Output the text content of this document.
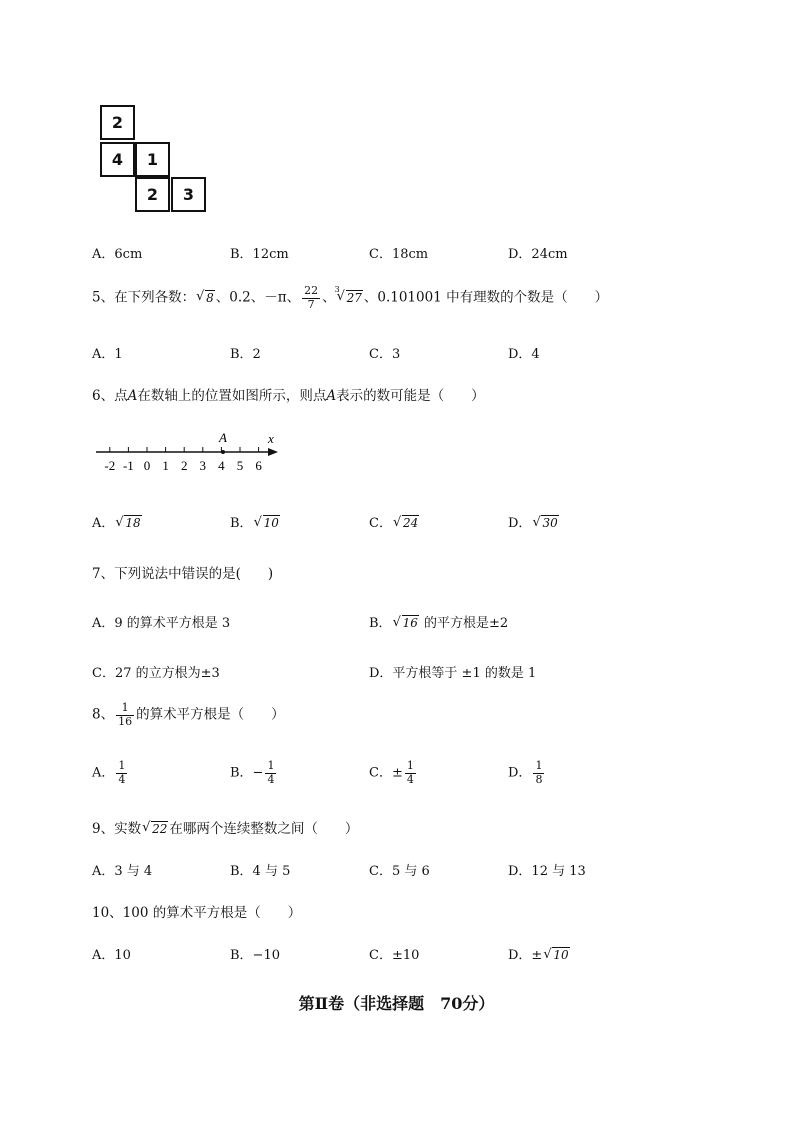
2
4	1
2	3
A．6cm	B．12cm	C．18cm	D．24cm
5、在下列各数： √ 8 、0.2、－π、 $\frac{22}{7}$ 、
√ 3
27 、0.101001 中有理数的个数是（　　）
A．1	B．2	C．3	D．4
6、点A在数轴上的位置如图所示，则点A表示的数可能是（　　）
A	x
-2 -1 0 1 2 3 4 5 6
A． √ 18	B． √ 10	C． √ 24	D． √ 30
7、下列说法中错误的是(　　)
A．9 的算术平方根是 3	B． √ 16 的平方根是±2
C．27 的立方根为±3	D．平方根等于 ±1 的数是 1
8、 $\frac{1}{16}$ 的算术平方根是（　　）
A． $\frac{1}{4}$	B．− $\frac{1}{4}$	C．± $\frac{1}{4}$	D． $\frac{1}{8}$
9、实数 √ 22 在哪两个连续整数之间（　　）
A．3 与 4	B．4 与 5	C．5 与 6	D．12 与 13
10、100 的算术平方根是（　　）
A．10	B．−10	C．±10	D．± √ 10
第Ⅱ卷（非选择题　70分）
